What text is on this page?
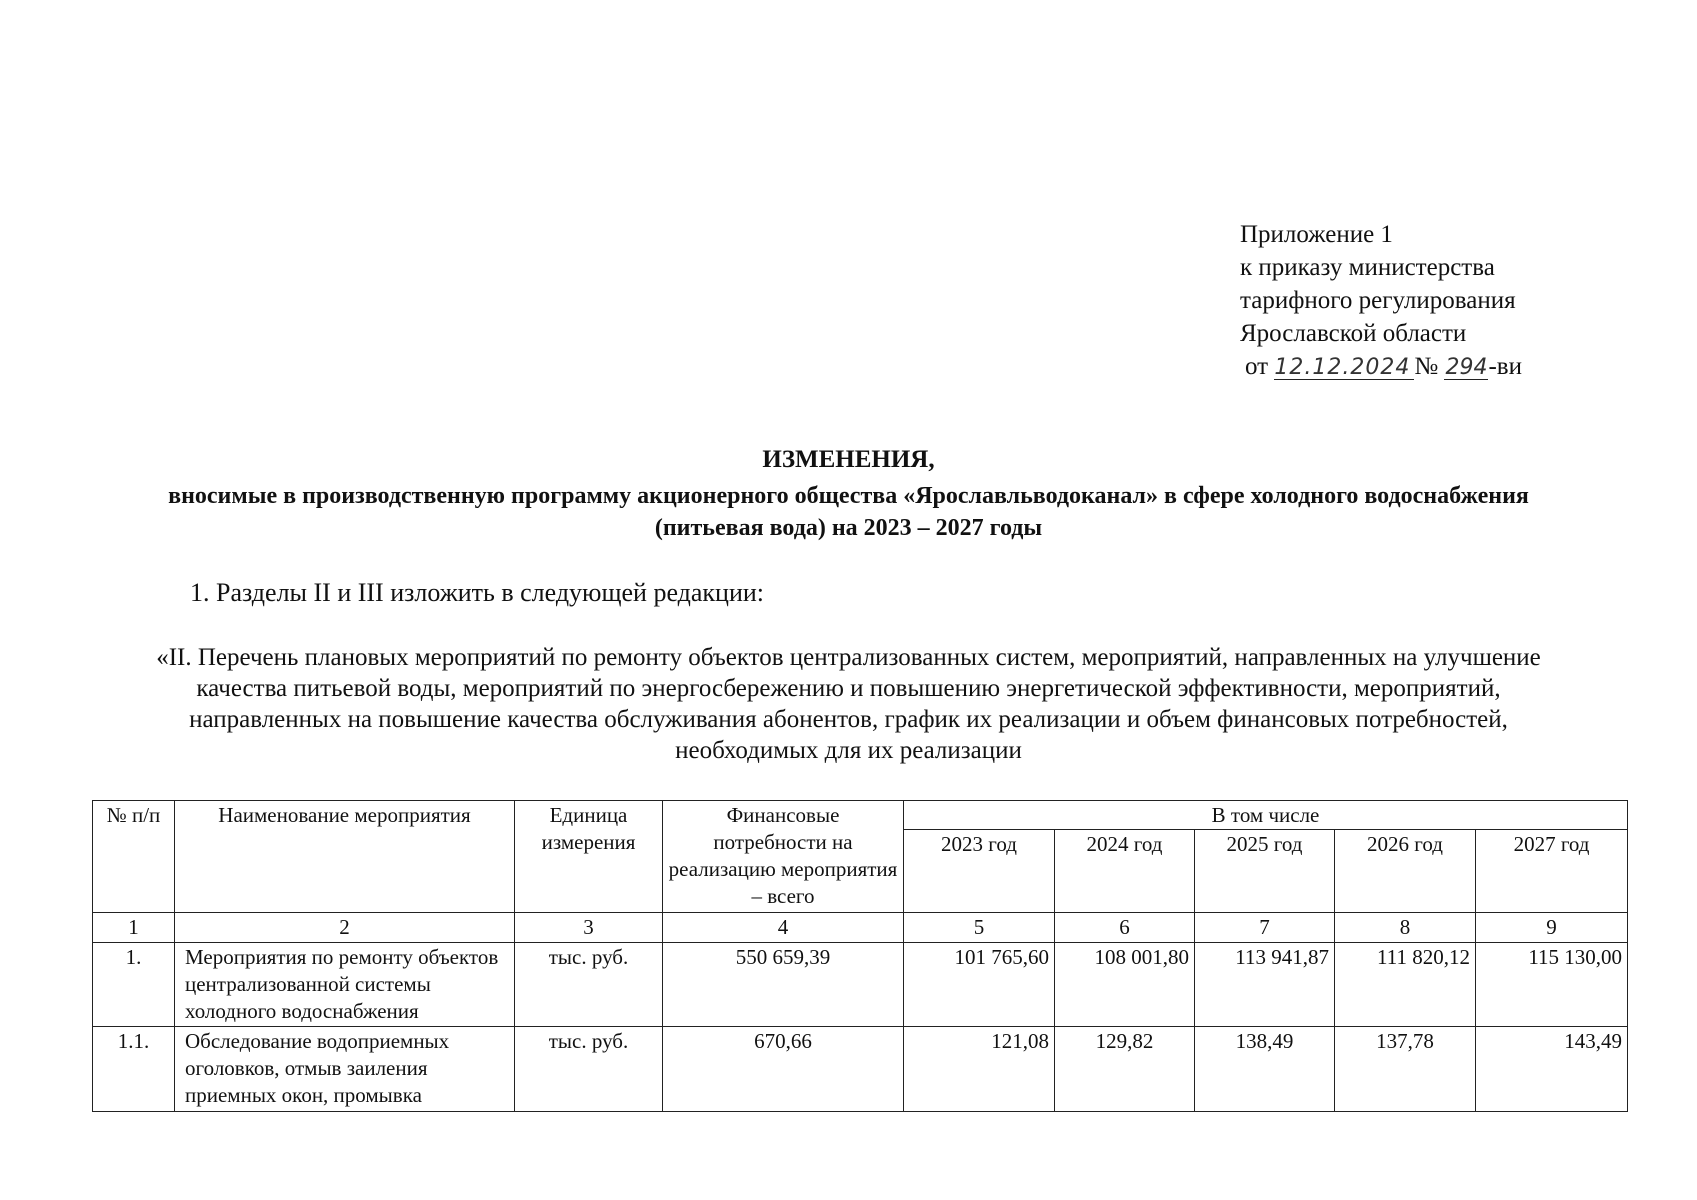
Приложение 1
к приказу министерства
тарифного регулирования
Ярославской области
от 12.12.2024 № 294-ви
ИЗМЕНЕНИЯ,
вносимые в производственную программу акционерного общества «Ярославльводоканал» в сфере холодного водоснабжения (питьевая вода) на 2023 – 2027 годы
1. Разделы II и III изложить в следующей редакции:
«II. Перечень плановых мероприятий по ремонту объектов централизованных систем, мероприятий, направленных на улучшение качества питьевой воды, мероприятий по энергосбережению и повышению энергетической эффективности, мероприятий, направленных на повышение качества обслуживания абонентов, график их реализации и объем финансовых потребностей, необходимых для их реализации
№ п/п	Наименование мероприятия	Единица измерения	Финансовые потребности на реализацию мероприятия – всего	В том числе				
				2023 год	2024 год	2025 год	2026 год	2027 год
1	2	3	4	5	6	7	8	9
1.	Мероприятия по ремонту объектов централизованной системы холодного водоснабжения	тыс. руб.	550 659,39	101 765,60	108 001,80	113 941,87	111 820,12	115 130,00
1.1.	Обследование водоприемных оголовков, отмыв заиления приемных окон, промывка	тыс. руб.	670,66	121,08	129,82	138,49	137,78	143,49
